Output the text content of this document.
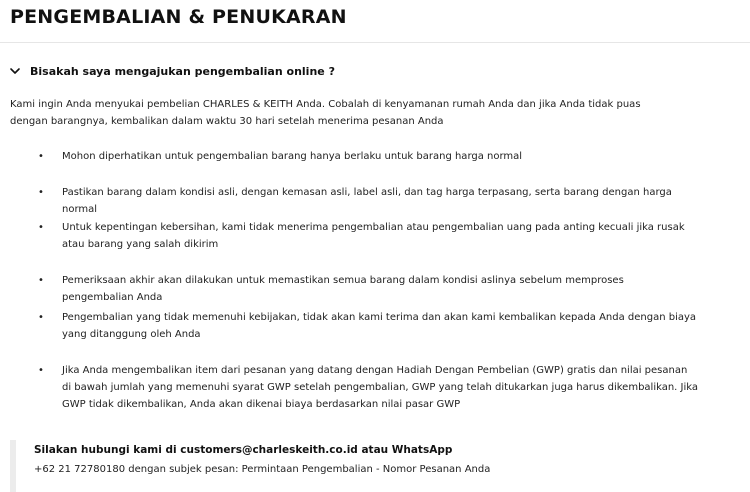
PENGEMBALIAN & PENUKARAN
Bisakah saya mengajukan pengembalian online ?
Kami ingin Anda menyukai pembelian CHARLES & KEITH Anda. Cobalah di kenyamanan rumah Anda dan jika Anda tidak puas dengan barangnya, kembalikan dalam waktu 30 hari setelah menerima pesanan Anda
• Mohon diperhatikan untuk pengembalian barang hanya berlaku untuk barang harga normal
• Pastikan barang dalam kondisi asli, dengan kemasan asli, label asli, dan tag harga terpasang, serta barang dengan harga normal
• Untuk kepentingan kebersihan, kami tidak menerima pengembalian atau pengembalian uang pada anting kecuali jika rusak atau barang yang salah dikirim
• Pemeriksaan akhir akan dilakukan untuk memastikan semua barang dalam kondisi aslinya sebelum memproses pengembalian Anda
• Pengembalian yang tidak memenuhi kebijakan, tidak akan kami terima dan akan kami kembalikan kepada Anda dengan biaya yang ditanggung oleh Anda
• Jika Anda mengembalikan item dari pesanan yang datang dengan Hadiah Dengan Pembelian (GWP) gratis dan nilai pesanan di bawah jumlah yang memenuhi syarat GWP setelah pengembalian, GWP yang telah ditukarkan juga harus dikembalikan. Jika GWP tidak dikembalikan, Anda akan dikenai biaya berdasarkan nilai pasar GWP
Silakan hubungi kami di customers@charleskeith.co.id atau WhatsApp
+62 21 72780180 dengan subjek pesan: Permintaan Pengembalian - Nomor Pesanan Anda
